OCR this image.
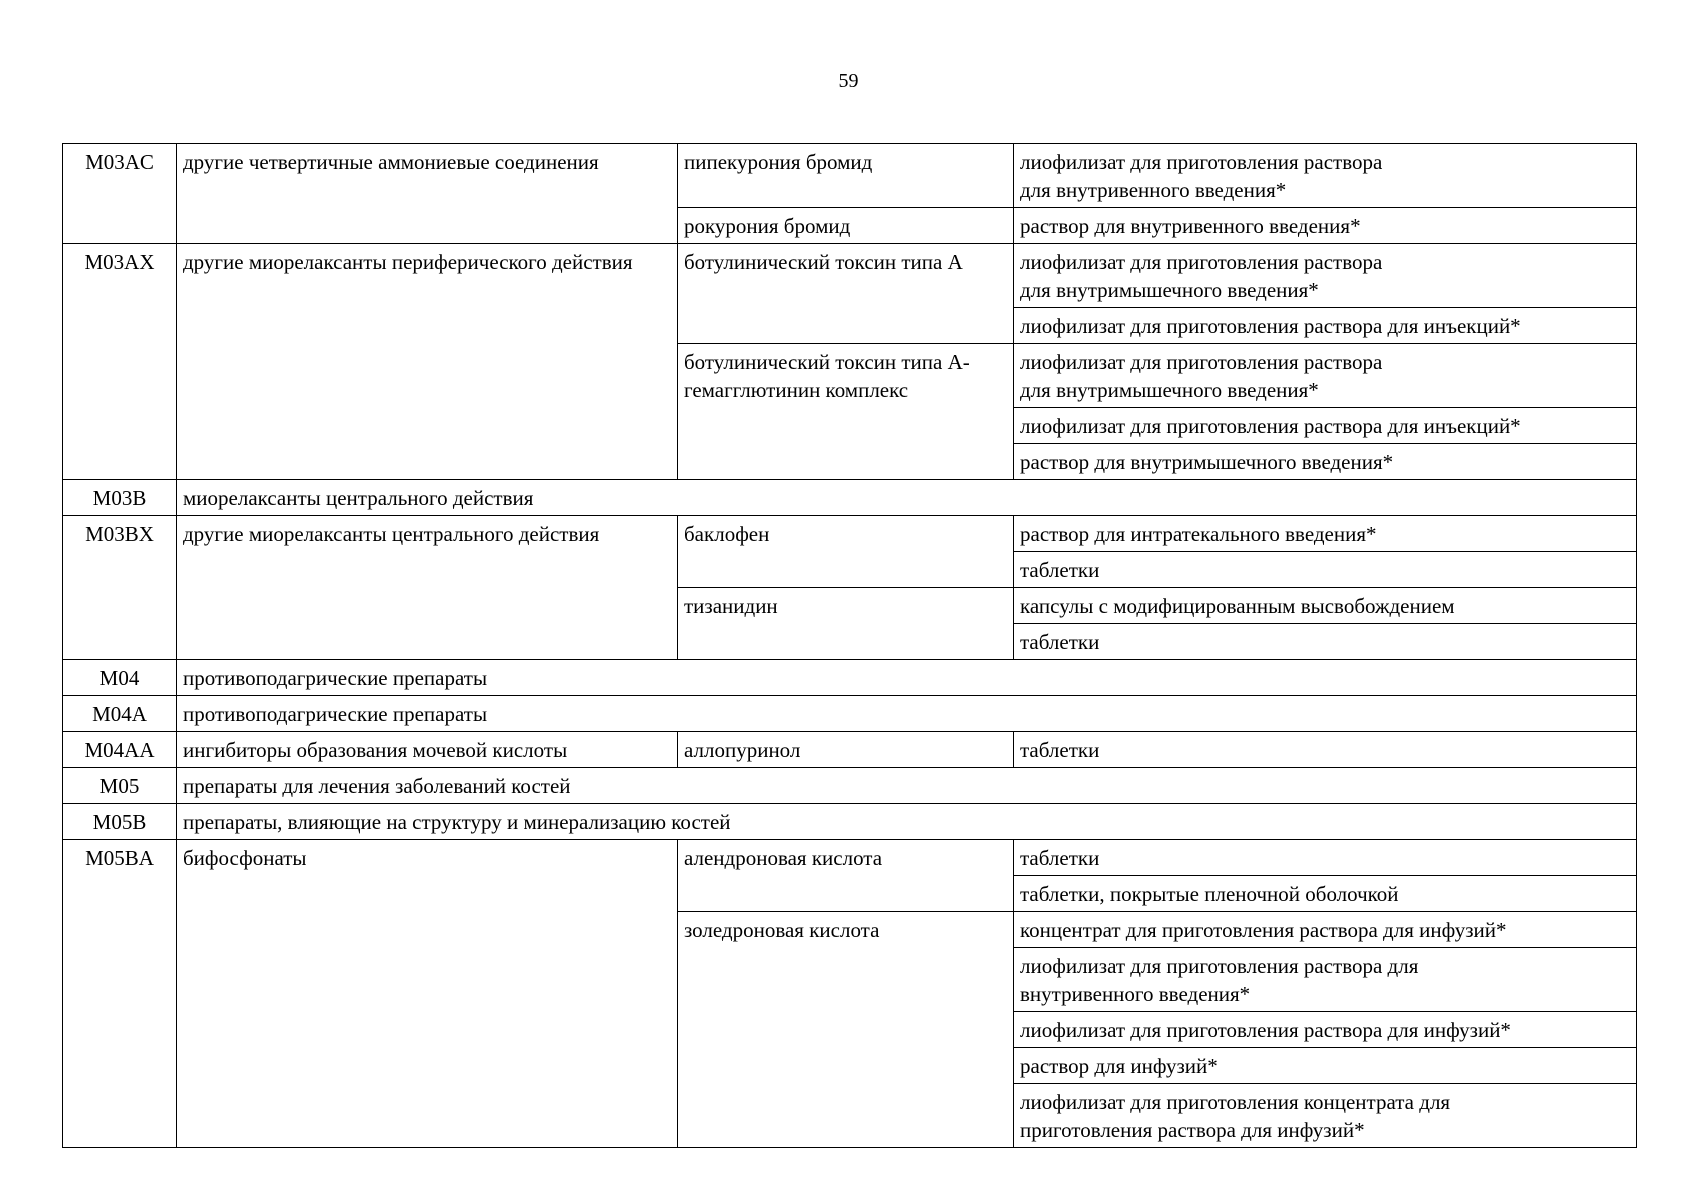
59
M03AC	другие четвертичные аммониевые соединения	пипекурония бромид	лиофилизат для приготовления раствора
для внутривенного введения*
		рокурония бромид	раствор для внутривенного введения*
M03AX	другие миорелаксанты периферического действия	ботулинический токсин типа A	лиофилизат для приготовления раствора
для внутримышечного введения*
			лиофилизат для приготовления раствора для инъекций*
		ботулинический токсин типа A-гемагглютинин комплекс	лиофилизат для приготовления раствора
для внутримышечного введения*
			лиофилизат для приготовления раствора для инъекций*
			раствор для внутримышечного введения*
M03B	миорелаксанты центрального действия		
M03BX	другие миорелаксанты центрального действия	баклофен	раствор для интратекального введения*
			таблетки
		тизанидин	капсулы с модифицированным высвобождением
			таблетки
M04	противоподагрические препараты		
M04A	противоподагрические препараты		
M04AA	ингибиторы образования мочевой кислоты	аллопуринол	таблетки
M05	препараты для лечения заболеваний костей		
M05B	препараты, влияющие на структуру и минерализацию костей		
M05BA	бифосфонаты	алендроновая кислота	таблетки
			таблетки, покрытые пленочной оболочкой
		золедроновая кислота	концентрат для приготовления раствора для инфузий*
			лиофилизат для приготовления раствора для
внутривенного введения*
			лиофилизат для приготовления раствора для инфузий*
			раствор для инфузий*
			лиофилизат для приготовления концентрата для
приготовления раствора для инфузий*
